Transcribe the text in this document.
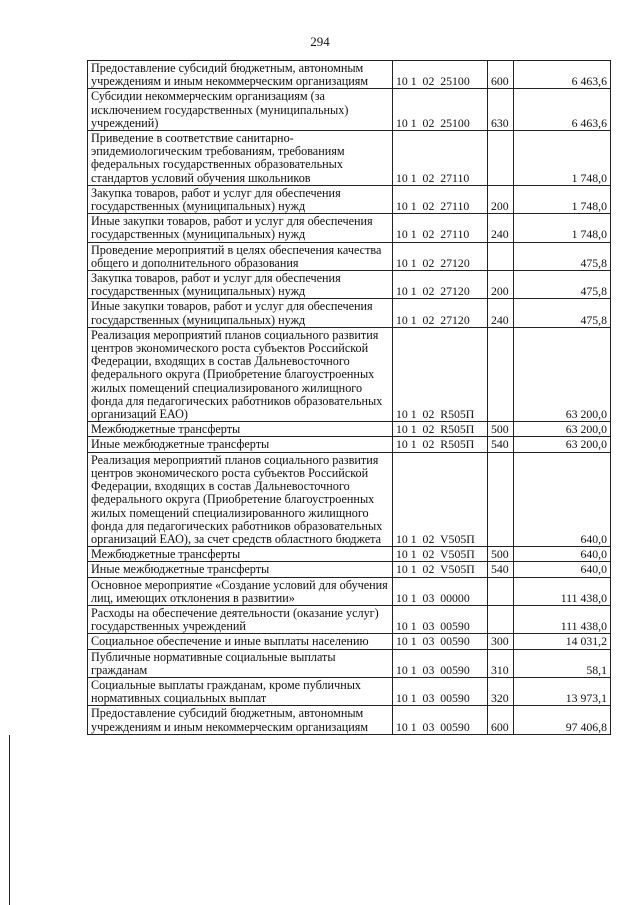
294
Предоставление субсидий бюджетным, автономным учреждениям и иным некоммерческим организациям	10 1  02  25100	600	6 463,6
Субсидии некоммерческим организациям (за исключением государственных (муниципальных) учреждений)	10 1  02  25100	630	6 463,6
Приведение в соответствие санитарно-эпидемиологическим требованиям, требованиям федеральных государственных образовательных стандартов условий обучения школьников	10 1  02  27110		1 748,0
Закупка товаров, работ и услуг для обеспечения государственных (муниципальных) нужд	10 1  02  27110	200	1 748,0
Иные закупки товаров, работ и услуг для обеспечения государственных (муниципальных) нужд	10 1  02  27110	240	1 748,0
Проведение мероприятий в целях обеспечения качества общего и дополнительного образования	10 1  02  27120		475,8
Закупка товаров, работ и услуг для обеспечения государственных (муниципальных) нужд	10 1  02  27120	200	475,8
Иные закупки товаров, работ и услуг для обеспечения государственных (муниципальных) нужд	10 1  02  27120	240	475,8
Реализация мероприятий планов социального развития центров экономического роста субъектов Российской Федерации, входящих в состав Дальневосточного федерального округа (Приобретение благоустроенных жилых помещений специализированого жилищного фонда для педагогических работников образовательных организаций ЕАО)	10 1  02  R505П		63 200,0
Межбюджетные трансферты	10 1  02  R505П	500	63 200,0
Иные межбюджетные трансферты	10 1  02  R505П	540	63 200,0
Реализация мероприятий планов социального развития центров экономического роста субъектов Российской Федерации, входящих в состав Дальневосточного федерального округа (Приобретение благоустроенных жилых помещений специализированного жилищного фонда для педагогических работников образовательных организаций ЕАО), за счет средств областного бюджета	10 1  02  V505П		640,0
Межбюджетные трансферты	10 1  02  V505П	500	640,0
Иные межбюджетные трансферты	10 1  02  V505П	540	640,0
Основное мероприятие «Создание условий для обучения лиц, имеющих отклонения в развитии»	10 1  03  00000		111 438,0
Расходы на обеспечение деятельности (оказание услуг) государственных учреждений	10 1  03  00590		111 438,0
Социальное обеспечение и иные выплаты населению	10 1  03  00590	300	14 031,2
Публичные нормативные социальные выплаты гражданам	10 1  03  00590	310	58,1
Социальные выплаты гражданам, кроме публичных нормативных социальных выплат	10 1  03  00590	320	13 973,1
Предоставление субсидий бюджетным, автономным учреждениям и иным некоммерческим организациям	10 1  03  00590	600	97 406,8
